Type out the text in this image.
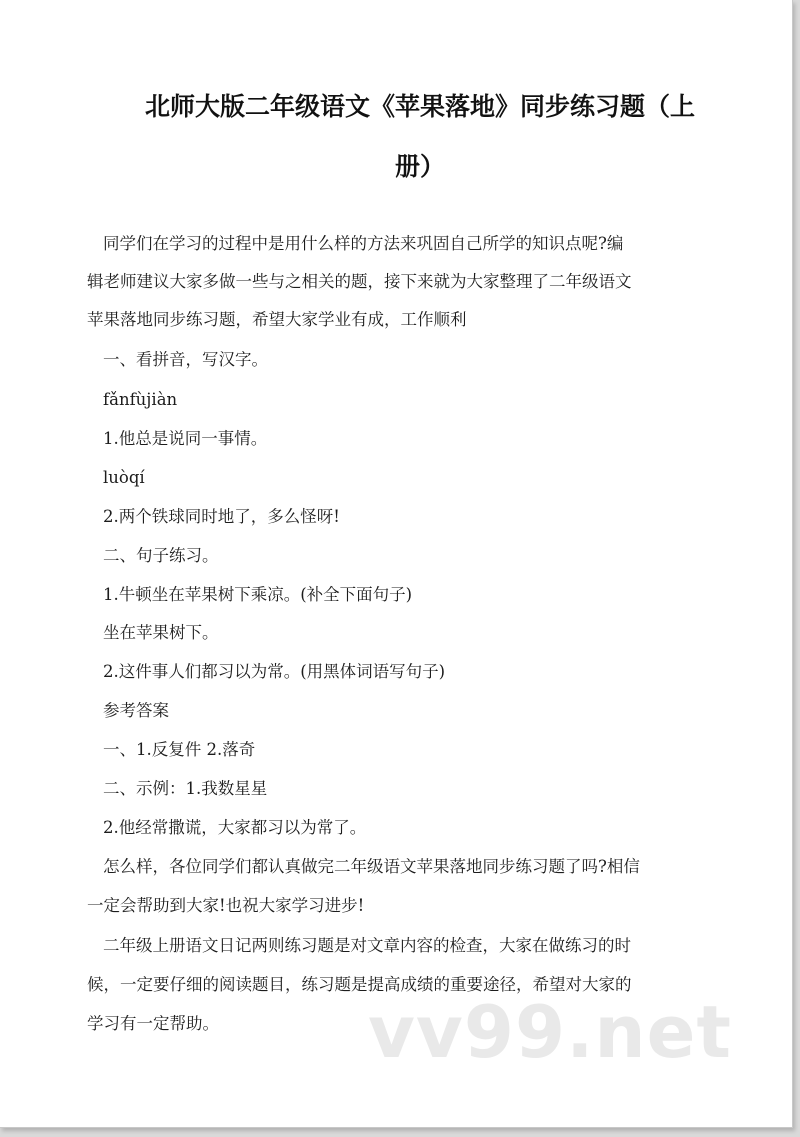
北师大版二年级语文《苹果落地》同步练习题（上
册）
同学们在学习的过程中是用什么样的方法来巩固自己所学的知识点呢?编
辑老师建议大家多做一些与之相关的题，接下来就为大家整理了二年级语文
苹果落地同步练习题，希望大家学业有成，工作顺利
一、看拼音，写汉字。
fǎnfùjiàn
1.他总是说同一事情。
luòqí
2.两个铁球同时地了，多么怪呀!
二、句子练习。
1.牛顿坐在苹果树下乘凉。(补全下面句子)
坐在苹果树下。
2.这件事人们都习以为常。(用黑体词语写句子)
参考答案
一、1.反复件 2.落奇
二、示例：1.我数星星
2.他经常撒谎，大家都习以为常了。
怎么样，各位同学们都认真做完二年级语文苹果落地同步练习题了吗?相信
一定会帮助到大家!也祝大家学习进步!
二年级上册语文日记两则练习题是对文章内容的检查，大家在做练习的时
候，一定要仔细的阅读题目，练习题是提高成绩的重要途径，希望对大家的
学习有一定帮助。 vv99.net
